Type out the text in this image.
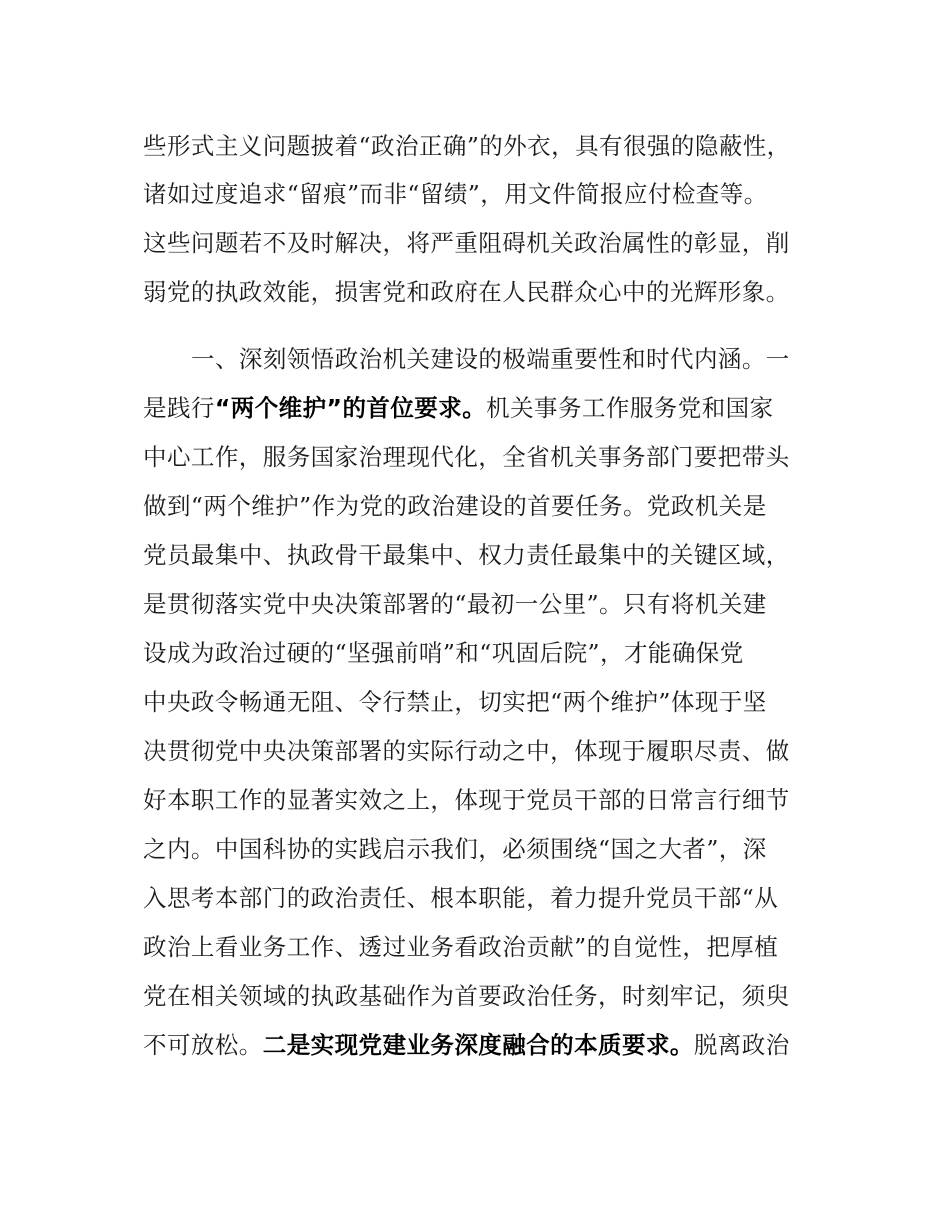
些形式主义问题披着“政治正确”的外衣，具有很强的隐蔽性，
诸如过度追求“留痕”而非“留绩”，用文件简报应付检查等。
这些问题若不及时解决，将严重阻碍机关政治属性的彰显，削
弱党的执政效能，损害党和政府在人民群众心中的光辉形象。
一、深刻领悟政治机关建设的极端重要性和时代内涵。一
是践行“两个维护”的首位要求。机关事务工作服务党和国家
中心工作，服务国家治理现代化，全省机关事务部门要把带头
做到“两个维护”作为党的政治建设的首要任务。党政机关是
党员最集中、执政骨干最集中、权力责任最集中的关键区域，
是贯彻落实党中央决策部署的“最初一公里”。只有将机关建
设成为政治过硬的“坚强前哨”和“巩固后院”，才能确保党
中央政令畅通无阻、令行禁止，切实把“两个维护”体现于坚
决贯彻党中央决策部署的实际行动之中，体现于履职尽责、做
好本职工作的显著实效之上，体现于党员干部的日常言行细节
之内。中国科协的实践启示我们，必须围绕“国之大者”，深
入思考本部门的政治责任、根本职能，着力提升党员干部“从
政治上看业务工作、透过业务看政治贡献”的自觉性，把厚植
党在相关领域的执政基础作为首要政治任务，时刻牢记，须臾
不可放松。二是实现党建业务深度融合的本质要求。脱离政治
